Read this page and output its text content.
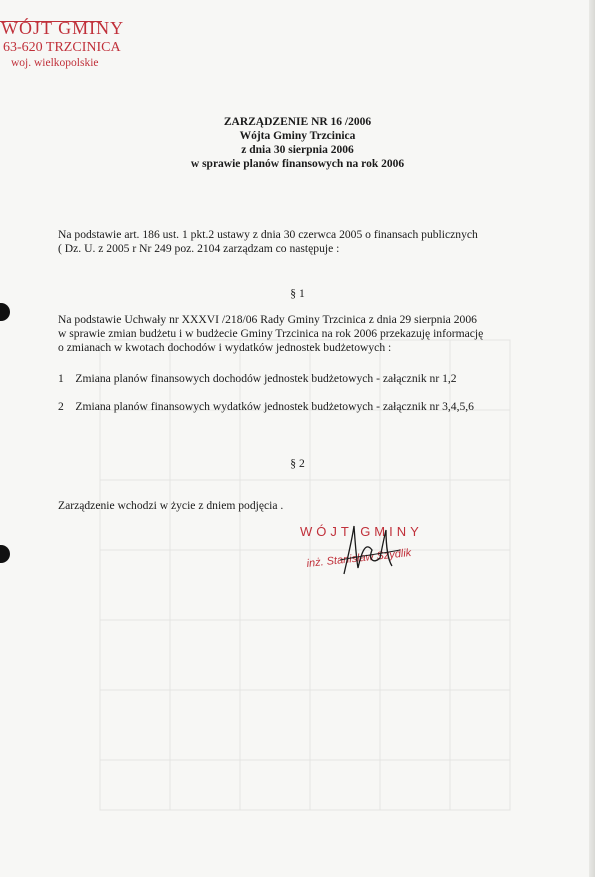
WÓJT GMINY
63-620 TRZCINICA
woj. wielkopolskie
ZARZĄDZENIE NR 16 /2006
Wójta Gminy Trzcinica
z dnia 30 sierpnia 2006
w sprawie planów finansowych na rok 2006
Na podstawie art. 186 ust. 1 pkt.2 ustawy z dnia 30 czerwca 2005 o finansach publicznych
( Dz. U. z 2005 r Nr 249 poz. 2104 zarządzam co następuje :
§ 1
Na podstawie Uchwały nr XXXVI /218/06 Rady Gminy Trzcinica z dnia 29 sierpnia 2006
w sprawie zmian budżetu i w budżecie Gminy Trzcinica na rok 2006 przekazuję informację
o zmianach w kwotach dochodów i wydatków jednostek budżetowych :
1 Zmiana planów finansowych dochodów jednostek budżetowych - załącznik nr 1,2
2 Zmiana planów finansowych wydatków jednostek budżetowych - załącznik nr 3,4,5,6
§ 2
Zarządzenie wchodzi w życie z dniem podjęcia .
WÓJT GMINY
inż. Stanisław Szydlik
